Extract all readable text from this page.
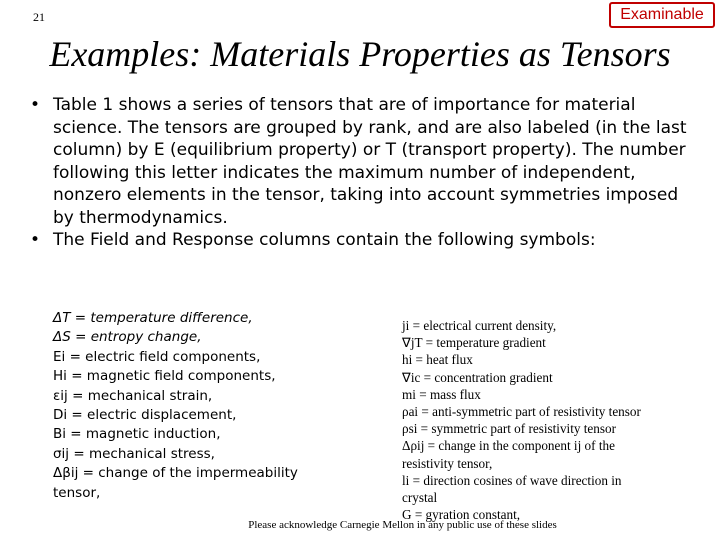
21	Examinable
Examples: Materials Properties as Tensors
• Table 1 shows a series of tensors that are of importance for material science. The tensors are grouped by rank, and are also labeled (in the last column) by E (equilibrium property) or T (transport property). The number following this letter indicates the maximum number of independent, nonzero elements in the tensor, taking into account symmetries imposed by thermodynamics.
• The Field and Response columns contain the following symbols:
ΔT = temperature difference,
ΔS = entropy change,
Ei = electric field components,
Hi = magnetic field components,
εij = mechanical strain,
Di = electric displacement,
Bi = magnetic induction,
σij = mechanical stress,
Δβij = change of the impermeability
tensor,
ji = electrical current density,
∇jT = temperature gradient
hi = heat flux
∇ic = concentration gradient
mi = mass flux
ρai = anti-symmetric part of resistivity tensor
ρsi = symmetric part of resistivity tensor
Δρij = change in the component ij of the
resistivity tensor,
li = direction cosines of wave direction in
crystal
G = gyration constant,
Please acknowledge Carnegie Mellon in any public use of these slides
